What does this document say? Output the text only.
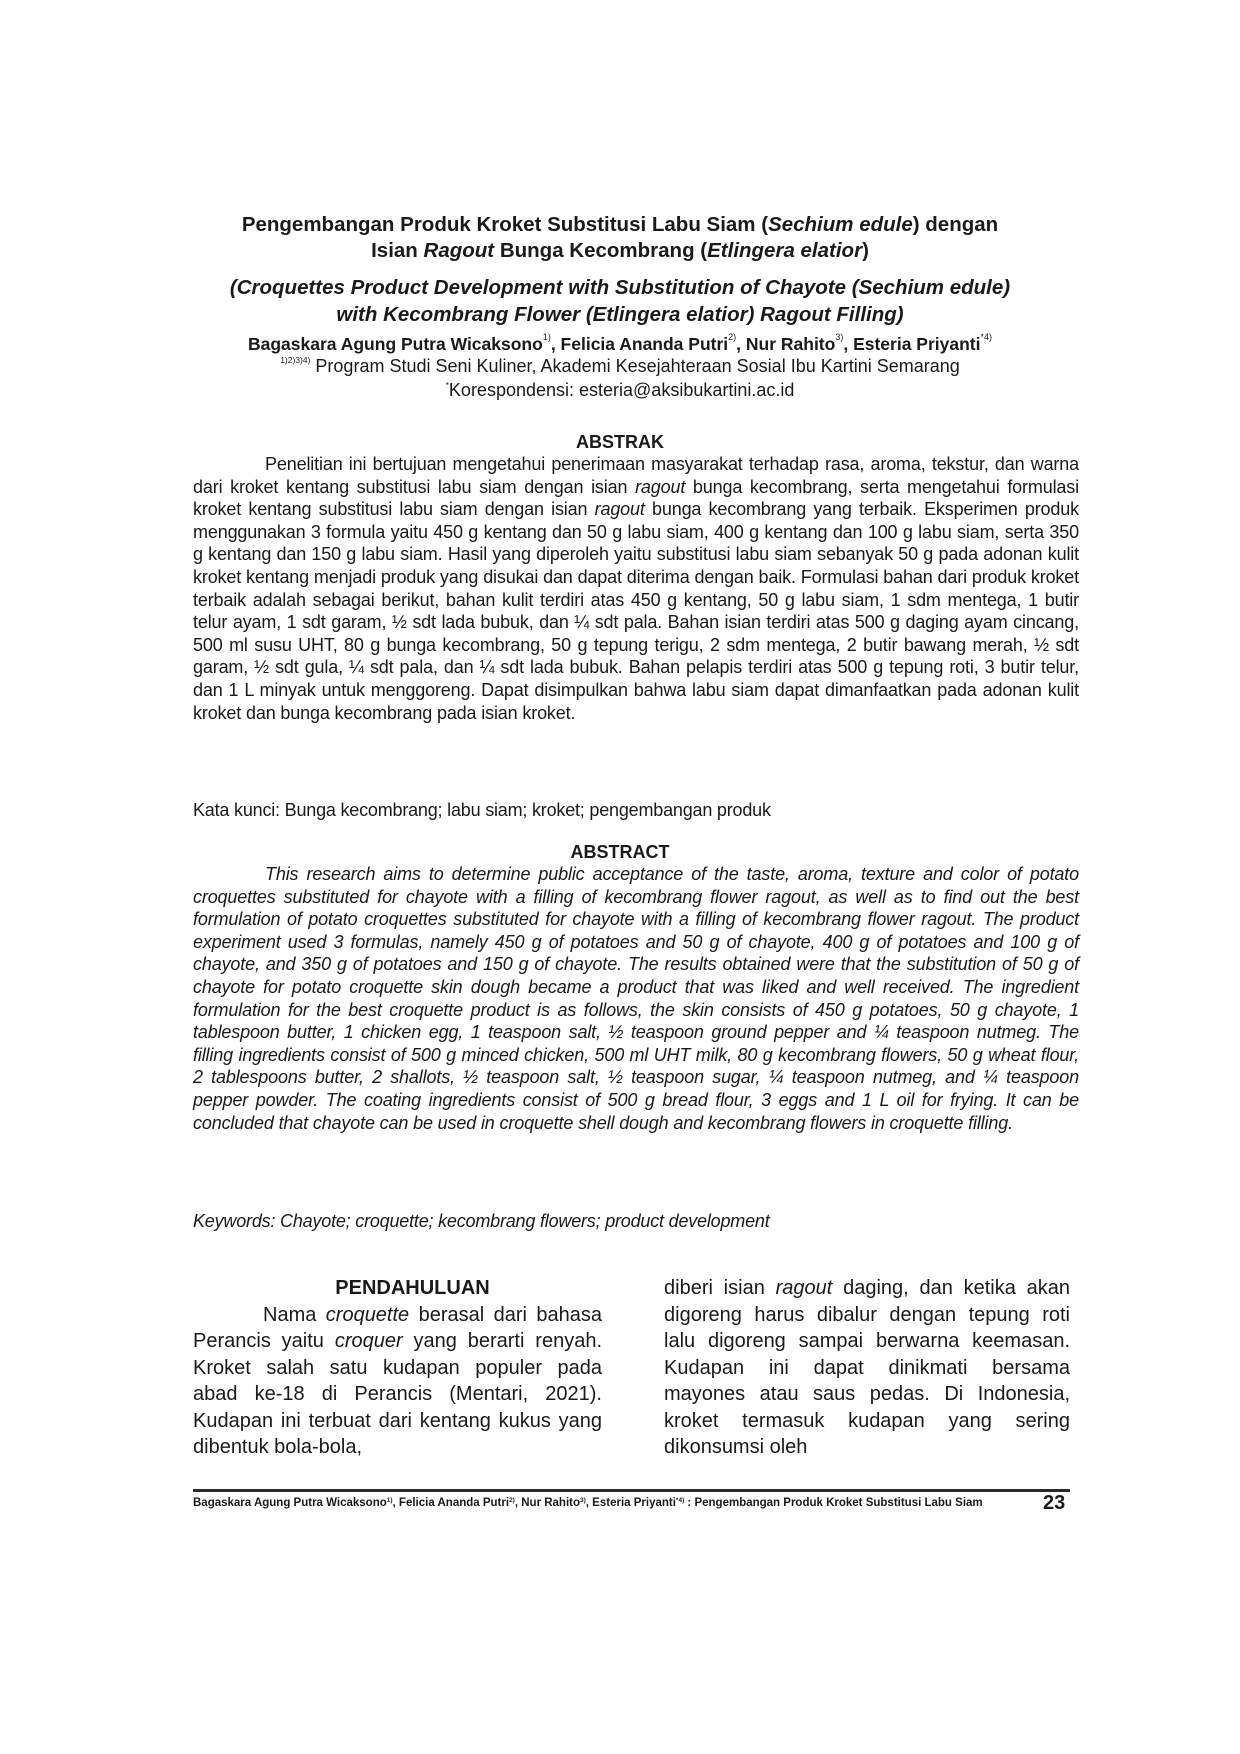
Pengembangan Produk Kroket Substitusi Labu Siam (Sechium edule) dengan
Isian Ragout Bunga Kecombrang (Etlingera elatior)
(Croquettes Product Development with Substitution of Chayote (Sechium edule)
with Kecombrang Flower (Etlingera elatior) Ragout Filling)
Bagaskara Agung Putra Wicaksono$^{1)}$, Felicia Ananda Putri$^{2)}$, Nur Rahito$^{3)}$, Esteria Priyanti$^{*4)}$
$^{1)2)3)4)}$ Program Studi Seni Kuliner, Akademi Kesejahteraan Sosial Ibu Kartini Semarang
*Korespondensi: esteria@aksibukartini.ac.id
ABSTRAK

Penelitian ini bertujuan mengetahui penerimaan masyarakat terhadap rasa, aroma, tekstur, dan warna dari kroket kentang substitusi labu siam dengan isian ragout bunga kecombrang, serta mengetahui formulasi kroket kentang substitusi labu siam dengan isian ragout bunga kecombrang yang terbaik. Eksperimen produk menggunakan 3 formula yaitu 450 g kentang dan 50 g labu siam, 400 g kentang dan 100 g labu siam, serta 350 g kentang dan 150 g labu siam. Hasil yang diperoleh yaitu substitusi labu siam sebanyak 50 g pada adonan kulit kroket kentang menjadi produk yang disukai dan dapat diterima dengan baik. Formulasi bahan dari produk kroket terbaik adalah sebagai berikut, bahan kulit terdiri atas 450 g kentang, 50 g labu siam, 1 sdm mentega, 1 butir telur ayam, 1 sdt garam, ½ sdt lada bubuk, dan ¼ sdt pala. Bahan isian terdiri atas 500 g daging ayam cincang, 500 ml susu UHT, 80 g bunga kecombrang, 50 g tepung terigu, 2 sdm mentega, 2 butir bawang merah, ½ sdt garam, ½ sdt gula, ¼ sdt pala, dan ¼ sdt lada bubuk. Bahan pelapis terdiri atas 500 g tepung roti, 3 butir telur, dan 1 L minyak untuk menggoreng. Dapat disimpulkan bahwa labu siam dapat dimanfaatkan pada adonan kulit kroket dan bunga kecombrang pada isian kroket.

Kata kunci: Bunga kecombrang; labu siam; kroket; pengembangan produk
ABSTRACT

This research aims to determine public acceptance of the taste, aroma, texture and color of potato croquettes substituted for chayote with a filling of kecombrang flower ragout, as well as to find out the best formulation of potato croquettes substituted for chayote with a filling of kecombrang flower ragout. The product experiment used 3 formulas, namely 450 g of potatoes and 50 g of chayote, 400 g of potatoes and 100 g of chayote, and 350 g of potatoes and 150 g of chayote. The results obtained were that the substitution of 50 g of chayote for potato croquette skin dough became a product that was liked and well received. The ingredient formulation for the best croquette product is as follows, the skin consists of 450 g potatoes, 50 g chayote, 1 tablespoon butter, 1 chicken egg, 1 teaspoon salt, ½ teaspoon ground pepper and ¼ teaspoon nutmeg. The filling ingredients consist of 500 g minced chicken, 500 ml UHT milk, 80 g kecombrang flowers, 50 g wheat flour, 2 tablespoons butter, 2 shallots, ½ teaspoon salt, ½ teaspoon sugar, ¼ teaspoon nutmeg, and ¼ teaspoon pepper powder. The coating ingredients consist of 500 g bread flour, 3 eggs and 1 L oil for frying. It can be concluded that chayote can be used in croquette shell dough and kecombrang flowers in croquette filling.

Keywords: Chayote; croquette; kecombrang flowers; product development
PENDAHULUAN

Nama croquette berasal dari bahasa Perancis yaitu croquer yang berarti renyah. Kroket salah satu kudapan populer pada abad ke-18 di Perancis (Mentari, 2021). Kudapan ini terbuat dari kentang kukus yang dibentuk bola-bola,

diberi isian ragout daging, dan ketika akan digoreng harus dibalur dengan tepung roti lalu digoreng sampai berwarna keemasan. Kudapan ini dapat dinikmati bersama mayones atau saus pedas. Di Indonesia, kroket termasuk kudapan yang sering dikonsumsi oleh

Bagaskara Agung Putra Wicaksono$^{1)}$, Felicia Ananda Putri$^{2)}$, Nur Rahito$^{3)}$, Esteria Priyanti$^{*4)}$ : Pengembangan Produk Kroket Substitusi Labu Siam	23
